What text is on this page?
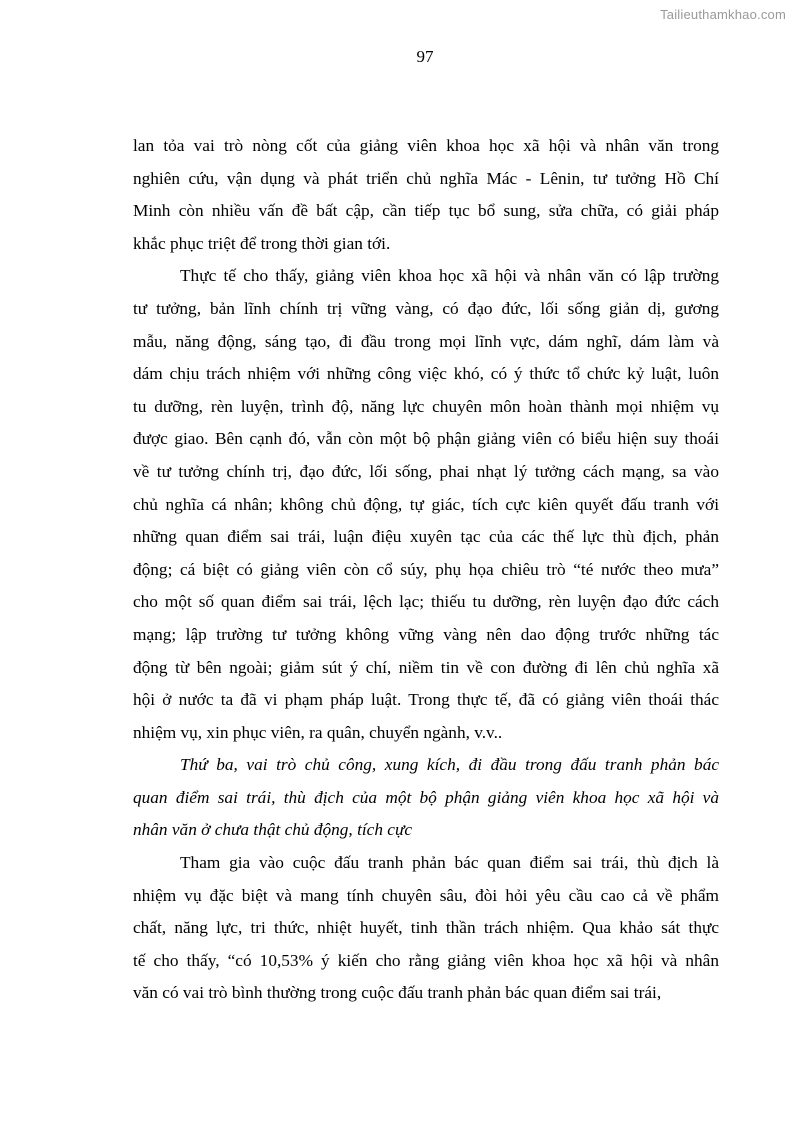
Tailieuthamkhao.com
97

lan tỏa vai trò nòng cốt của giảng viên khoa học xã hội và nhân văn trong
nghiên cứu, vận dụng và phát triển chủ nghĩa Mác - Lênin, tư tưởng Hồ Chí
Minh còn nhiều vấn đề bất cập, cần tiếp tục bổ sung, sửa chữa, có giải pháp
khắc phục triệt để trong thời gian tới.

Thực tế cho thấy, giảng viên khoa học xã hội và nhân văn có lập trường
tư tưởng, bản lĩnh chính trị vững vàng, có đạo đức, lối sống giản dị, gương
mẫu, năng động, sáng tạo, đi đầu trong mọi lĩnh vực, dám nghĩ, dám làm và
dám chịu trách nhiệm với những công việc khó, có ý thức tổ chức kỷ luật, luôn
tu dưỡng, rèn luyện, trình độ, năng lực chuyên môn hoàn thành mọi nhiệm vụ
được giao. Bên cạnh đó, vẫn còn một bộ phận giảng viên có biểu hiện suy thoái
về tư tưởng chính trị, đạo đức, lối sống, phai nhạt lý tưởng cách mạng, sa vào
chủ nghĩa cá nhân; không chủ động, tự giác, tích cực kiên quyết đấu tranh với
những quan điểm sai trái, luận điệu xuyên tạc của các thế lực thù địch, phản
động; cá biệt có giảng viên còn cổ súy, phụ họa chiêu trò “té nước theo mưa”
cho một số quan điểm sai trái, lệch lạc; thiếu tu dưỡng, rèn luyện đạo đức cách
mạng; lập trường tư tưởng không vững vàng nên dao động trước những tác
động từ bên ngoài; giảm sút ý chí, niềm tin về con đường đi lên chủ nghĩa xã
hội ở nước ta đã vi phạm pháp luật. Trong thực tế, đã có giảng viên thoái thác
nhiệm vụ, xin phục viên, ra quân, chuyển ngành, v.v..

Thứ ba, vai trò chủ công, xung kích, đi đầu trong đấu tranh phản bác
quan điểm sai trái, thù địch của một bộ phận giảng viên khoa học xã hội và
nhân văn ở chưa thật chủ động, tích cực

Tham gia vào cuộc đấu tranh phản bác quan điểm sai trái, thù địch là
nhiệm vụ đặc biệt và mang tính chuyên sâu, đòi hỏi yêu cầu cao cả về phẩm
chất, năng lực, tri thức, nhiệt huyết, tinh thần trách nhiệm. Qua khảo sát thực
tế cho thấy, “có 10,53% ý kiến cho rằng giảng viên khoa học xã hội và nhân
văn có vai trò bình thường trong cuộc đấu tranh phản bác quan điểm sai trái,
